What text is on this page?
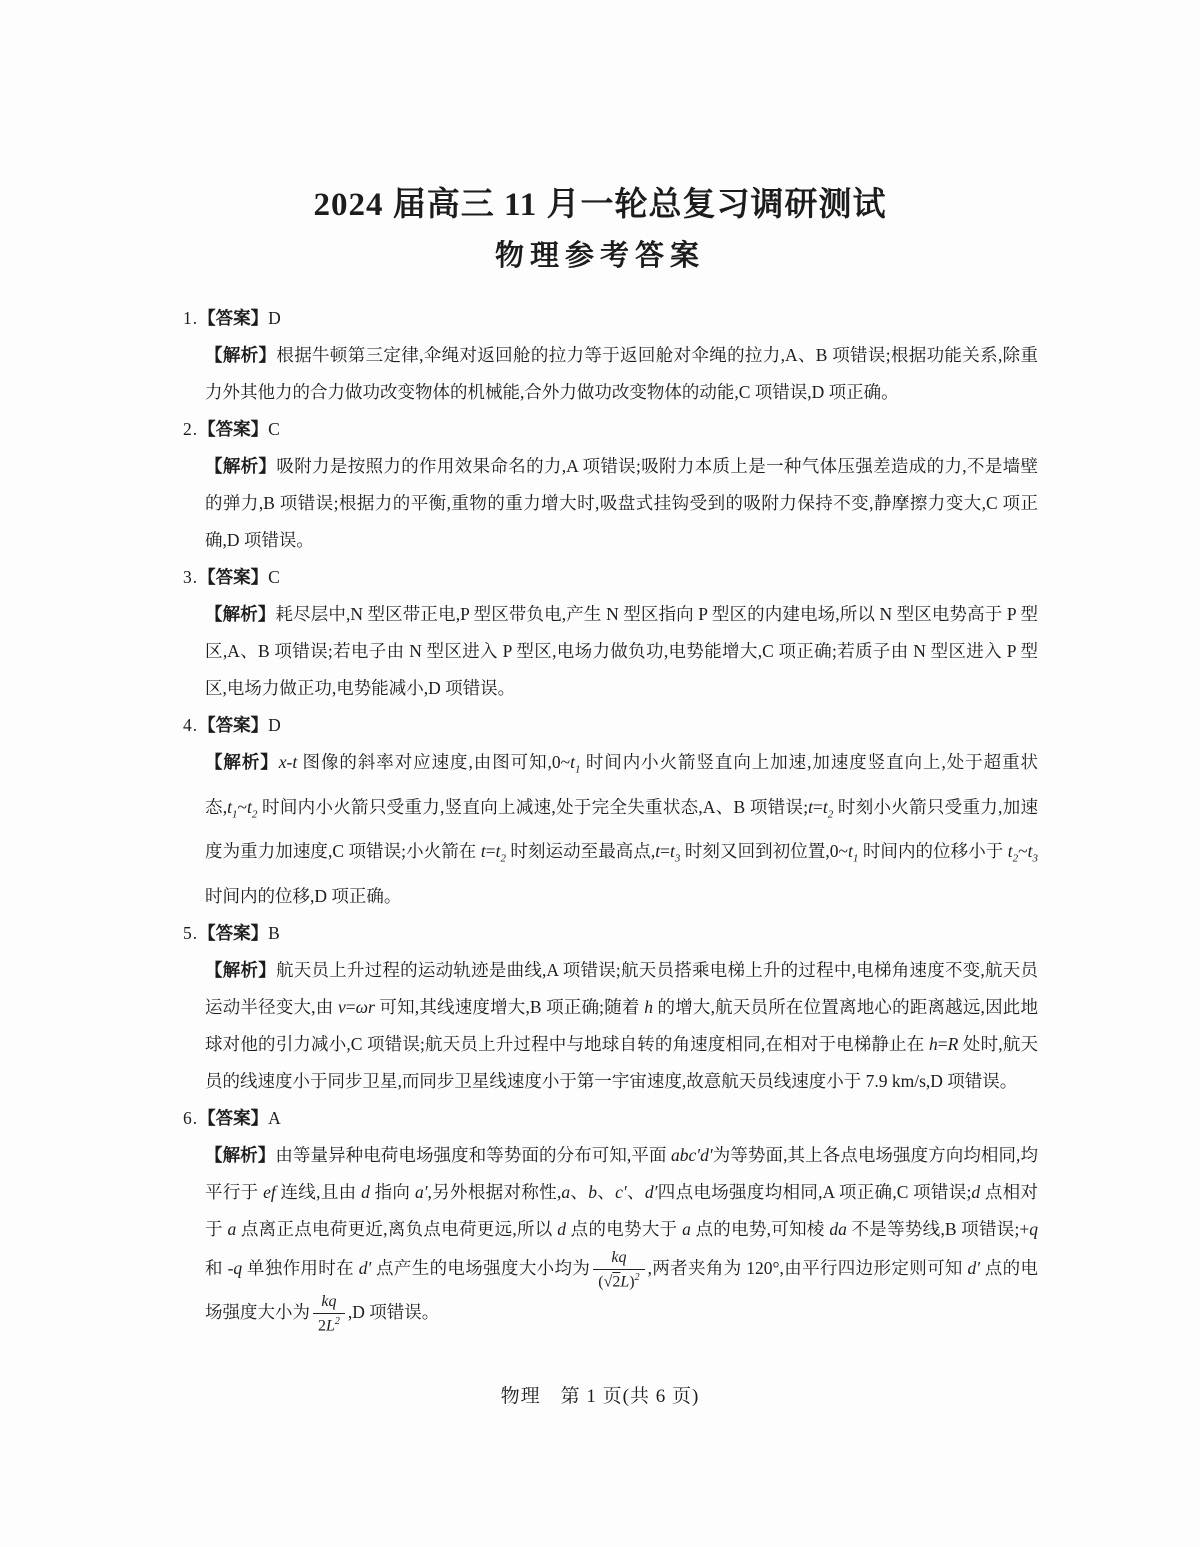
2024 届高三 11 月一轮总复习调研测试
物理参考答案
1.【答案】D
【解析】根据牛顿第三定律,伞绳对返回舱的拉力等于返回舱对伞绳的拉力,A、B 项错误;根据功能关系,除重力外其他力的合力做功改变物体的机械能,合外力做功改变物体的动能,C 项错误,D 项正确。
2.【答案】C
【解析】吸附力是按照力的作用效果命名的力,A 项错误;吸附力本质上是一种气体压强差造成的力,不是墙壁的弹力,B 项错误;根据力的平衡,重物的重力增大时,吸盘式挂钩受到的吸附力保持不变,静摩擦力变大,C 项正确,D 项错误。
3.【答案】C
【解析】耗尽层中,N 型区带正电,P 型区带负电,产生 N 型区指向 P 型区的内建电场,所以 N 型区电势高于 P 型区,A、B 项错误;若电子由 N 型区进入 P 型区,电场力做负功,电势能增大,C 项正确;若质子由 N 型区进入 P 型区,电场力做正功,电势能减小,D 项错误。
4.【答案】D
【解析】x-t 图像的斜率对应速度,由图可知$,0\sim t_1$ 时间内小火箭竖直向上加速,加速度竖直向上,处于超重状态$,t_1\sim t_2$ 时间内小火箭只受重力,竖直向上减速,处于完全失重状态,A、B 项错误$;t=t_2$ 时刻小火箭只受重力,加速度为重力加速度,C 项错误;小火箭在 $t=t_2$ 时刻运动至最高点$,t=t_3$ 时刻又回到初位置$,0\sim t_1$ 时间内的位移小于 $t_2\sim t_3$ 时间内的位移,D 项正确。
5.【答案】B
【解析】航天员上升过程的运动轨迹是曲线,A 项错误;航天员搭乘电梯上升的过程中,电梯角速度不变,航天员运动半径变大,由 v=ωr 可知,其线速度增大,B 项正确;随着 h 的增大,航天员所在位置离地心的距离越远,因此地球对他的引力减小,C 项错误;航天员上升过程中与地球自转的角速度相同,在相对于电梯静止在 h=R 处时,航天员的线速度小于同步卫星,而同步卫星线速度小于第一宇宙速度,故意航天员线速度小于 7.9 km/s,D 项错误。
6.【答案】A
【解析】由等量异种电荷电场强度和等势面的分布可知,平面 abc′d′为等势面,其上各点电场强度方向均相同,均平行于 ef 连线,且由 d 指向 a′,另外根据对称性,a、b、c′、d′四点电场强度均相同,A 项正确,C 项错误;d 点相对于 a 点离正点电荷更近,离负点电荷更远,所以 d 点的电势大于 a 点的电势,可知棱 da 不是等势线,B 项错误;+q 和 -q 单独作用时在 d′ 点产生的电场强度大小均为 $\frac{kq}{(√2L)^2}$ ,两者夹角为 120°,由平行四边形定则可知 d′ 点的电场强度大小为 $\frac{kq}{2L^2} ,D$ 项错误。
物理　第 1 页(共 6 页)
